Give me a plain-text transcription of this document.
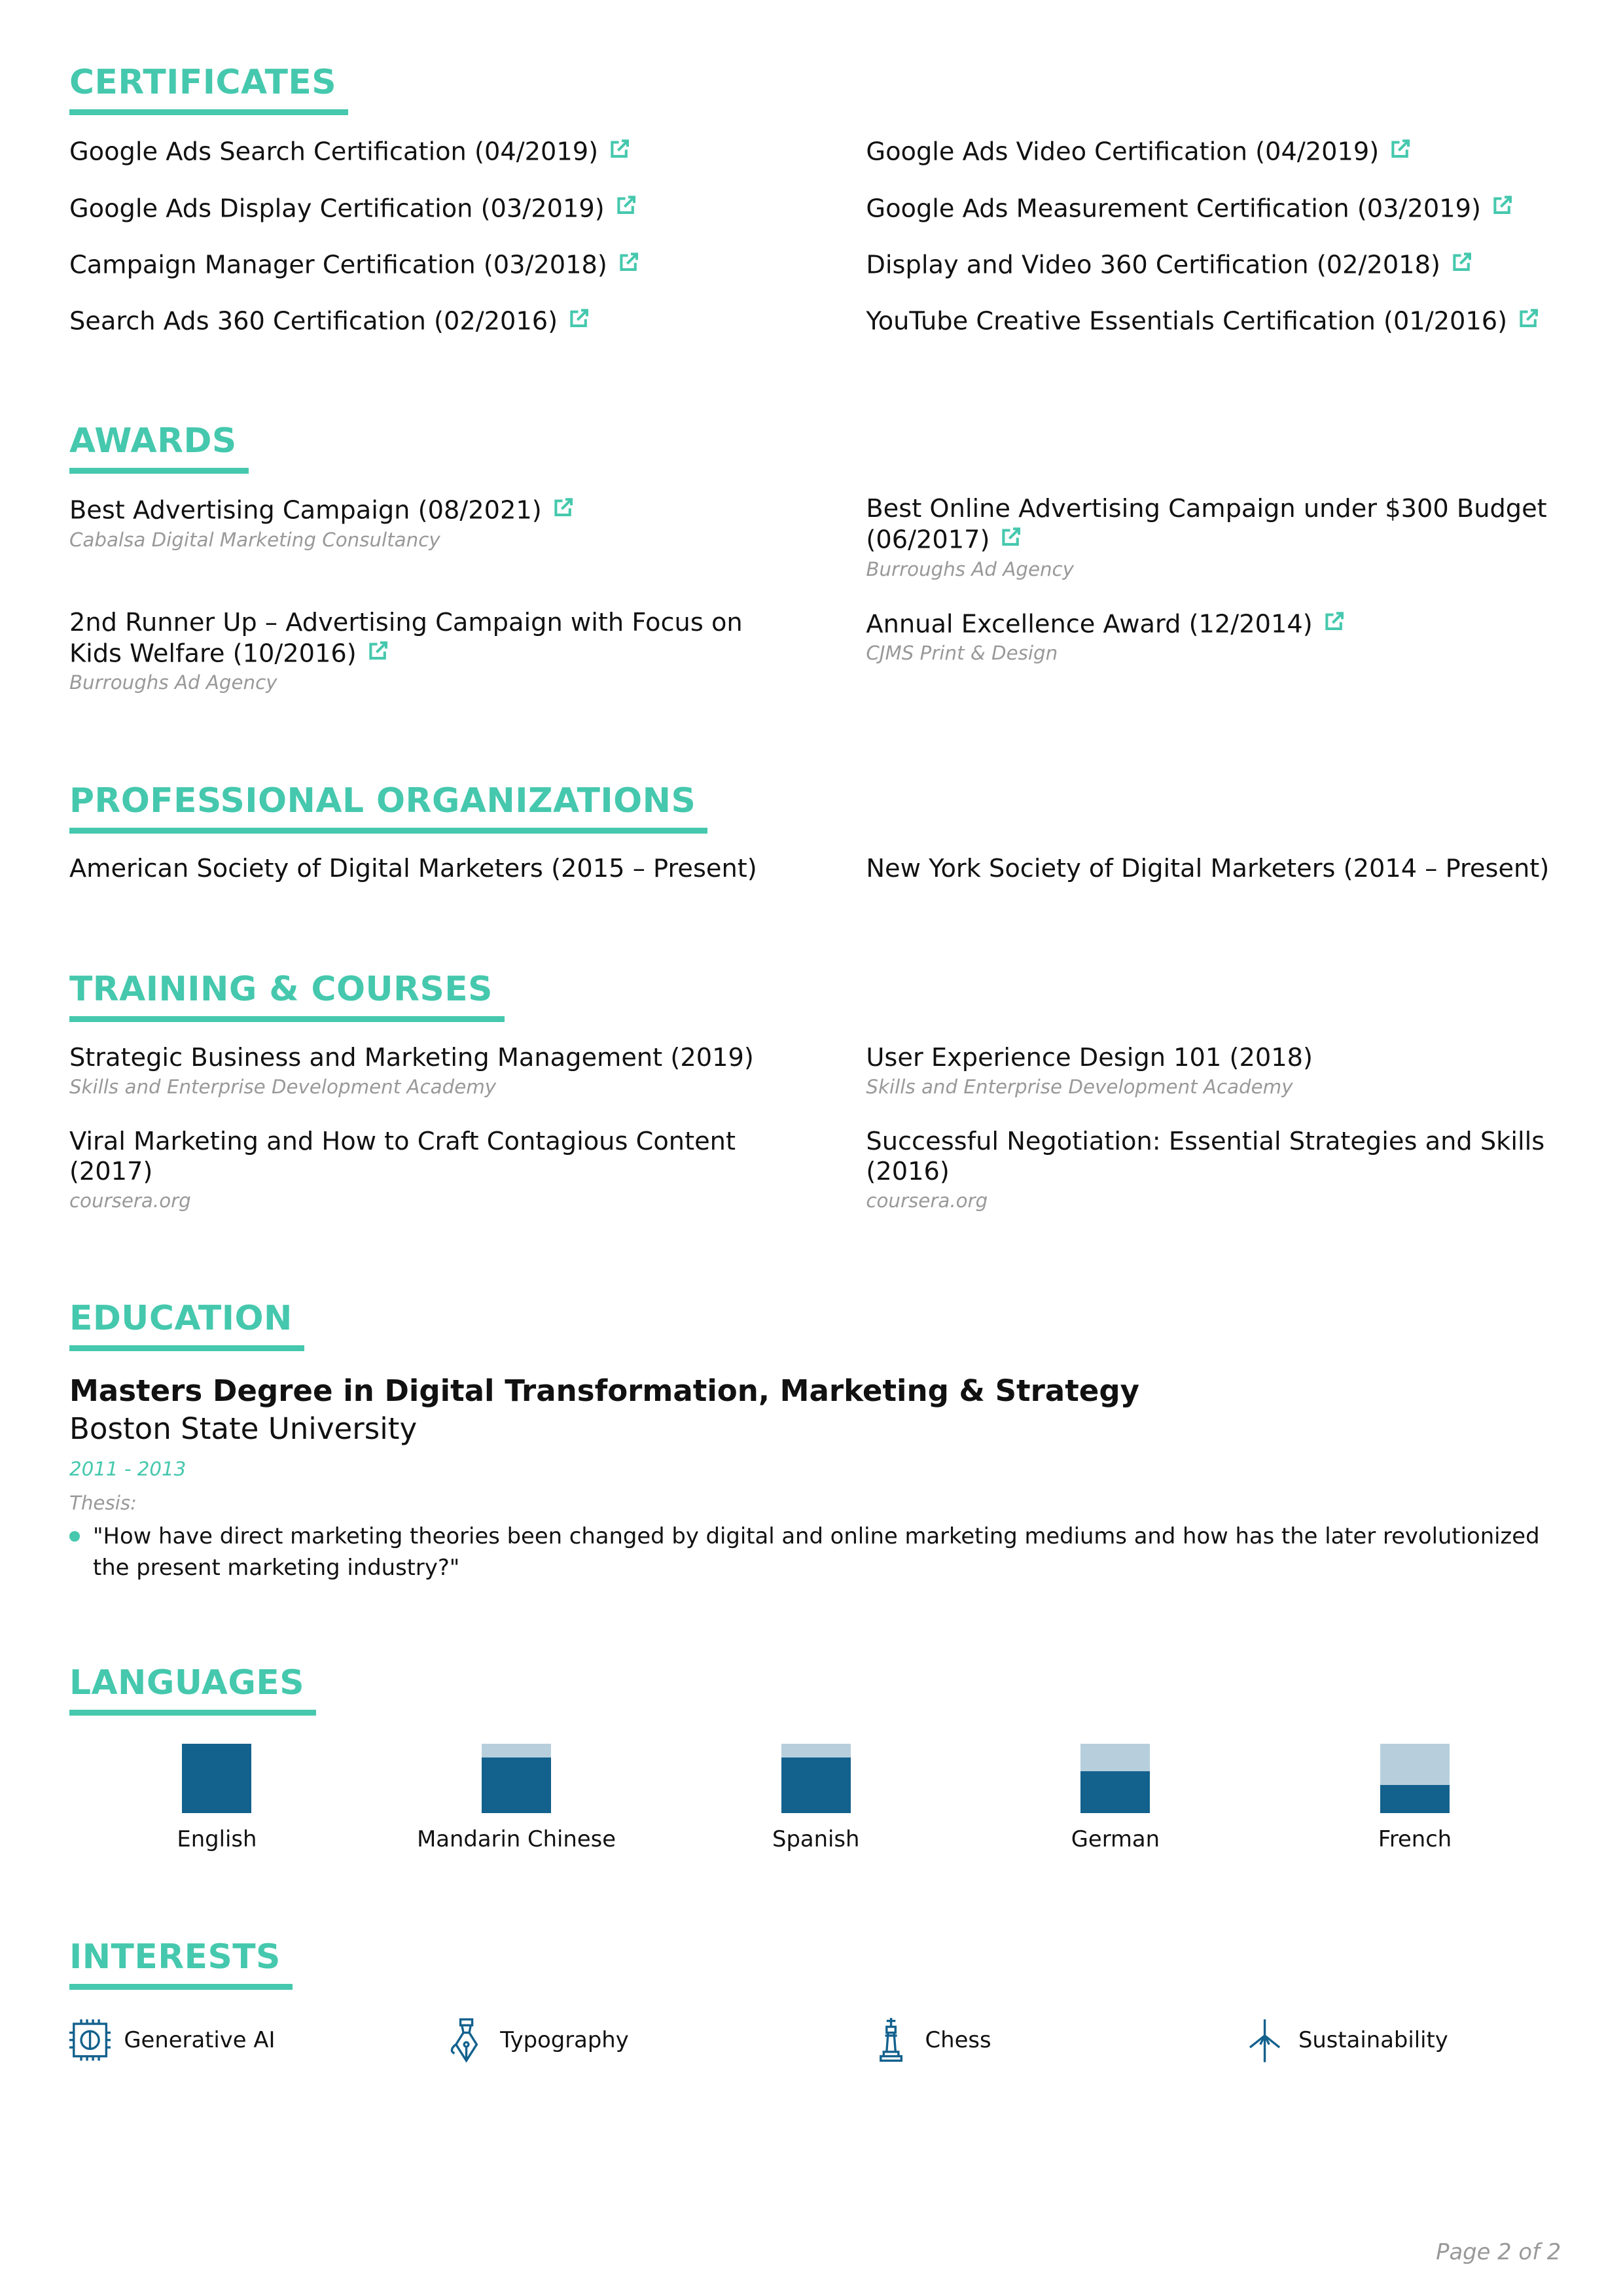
CERTIFICATES
Google Ads Search Certification (04/2019)	Google Ads Video Certification (04/2019)
Google Ads Display Certification (03/2019)	Google Ads Measurement Certification (03/2019)
Campaign Manager Certification (03/2018)	Display and Video 360 Certification (02/2018)
Search Ads 360 Certification (02/2016)	YouTube Creative Essentials Certification (01/2016)
AWARDS
Best Advertising Campaign (08/2021)
Cabalsa Digital Marketing Consultancy
Best Online Advertising Campaign under $300 Budget (06/2017)
Burroughs Ad Agency
2nd Runner Up – Advertising Campaign with Focus on Kids Welfare (10/2016)
Burroughs Ad Agency
Annual Excellence Award (12/2014)
CJMS Print & Design
PROFESSIONAL ORGANIZATIONS
American Society of Digital Marketers (2015 – Present)	New York Society of Digital Marketers (2014 – Present)
TRAINING & COURSES
Strategic Business and Marketing Management (2019)
Skills and Enterprise Development Academy
User Experience Design 101 (2018)
Skills and Enterprise Development Academy
Viral Marketing and How to Craft Contagious Content (2017)
coursera.org
Successful Negotiation: Essential Strategies and Skills (2016)
coursera.org
EDUCATION
Masters Degree in Digital Transformation, Marketing & Strategy
Boston State University
2011 - 2013
Thesis:
"How have direct marketing theories been changed by digital and online marketing mediums and how has the later revolutionized the present marketing industry?"
LANGUAGES
English	Mandarin Chinese	Spanish	German	French
INTERESTS
Generative AI	Typography	Chess	Sustainability
Page 2 of 2
